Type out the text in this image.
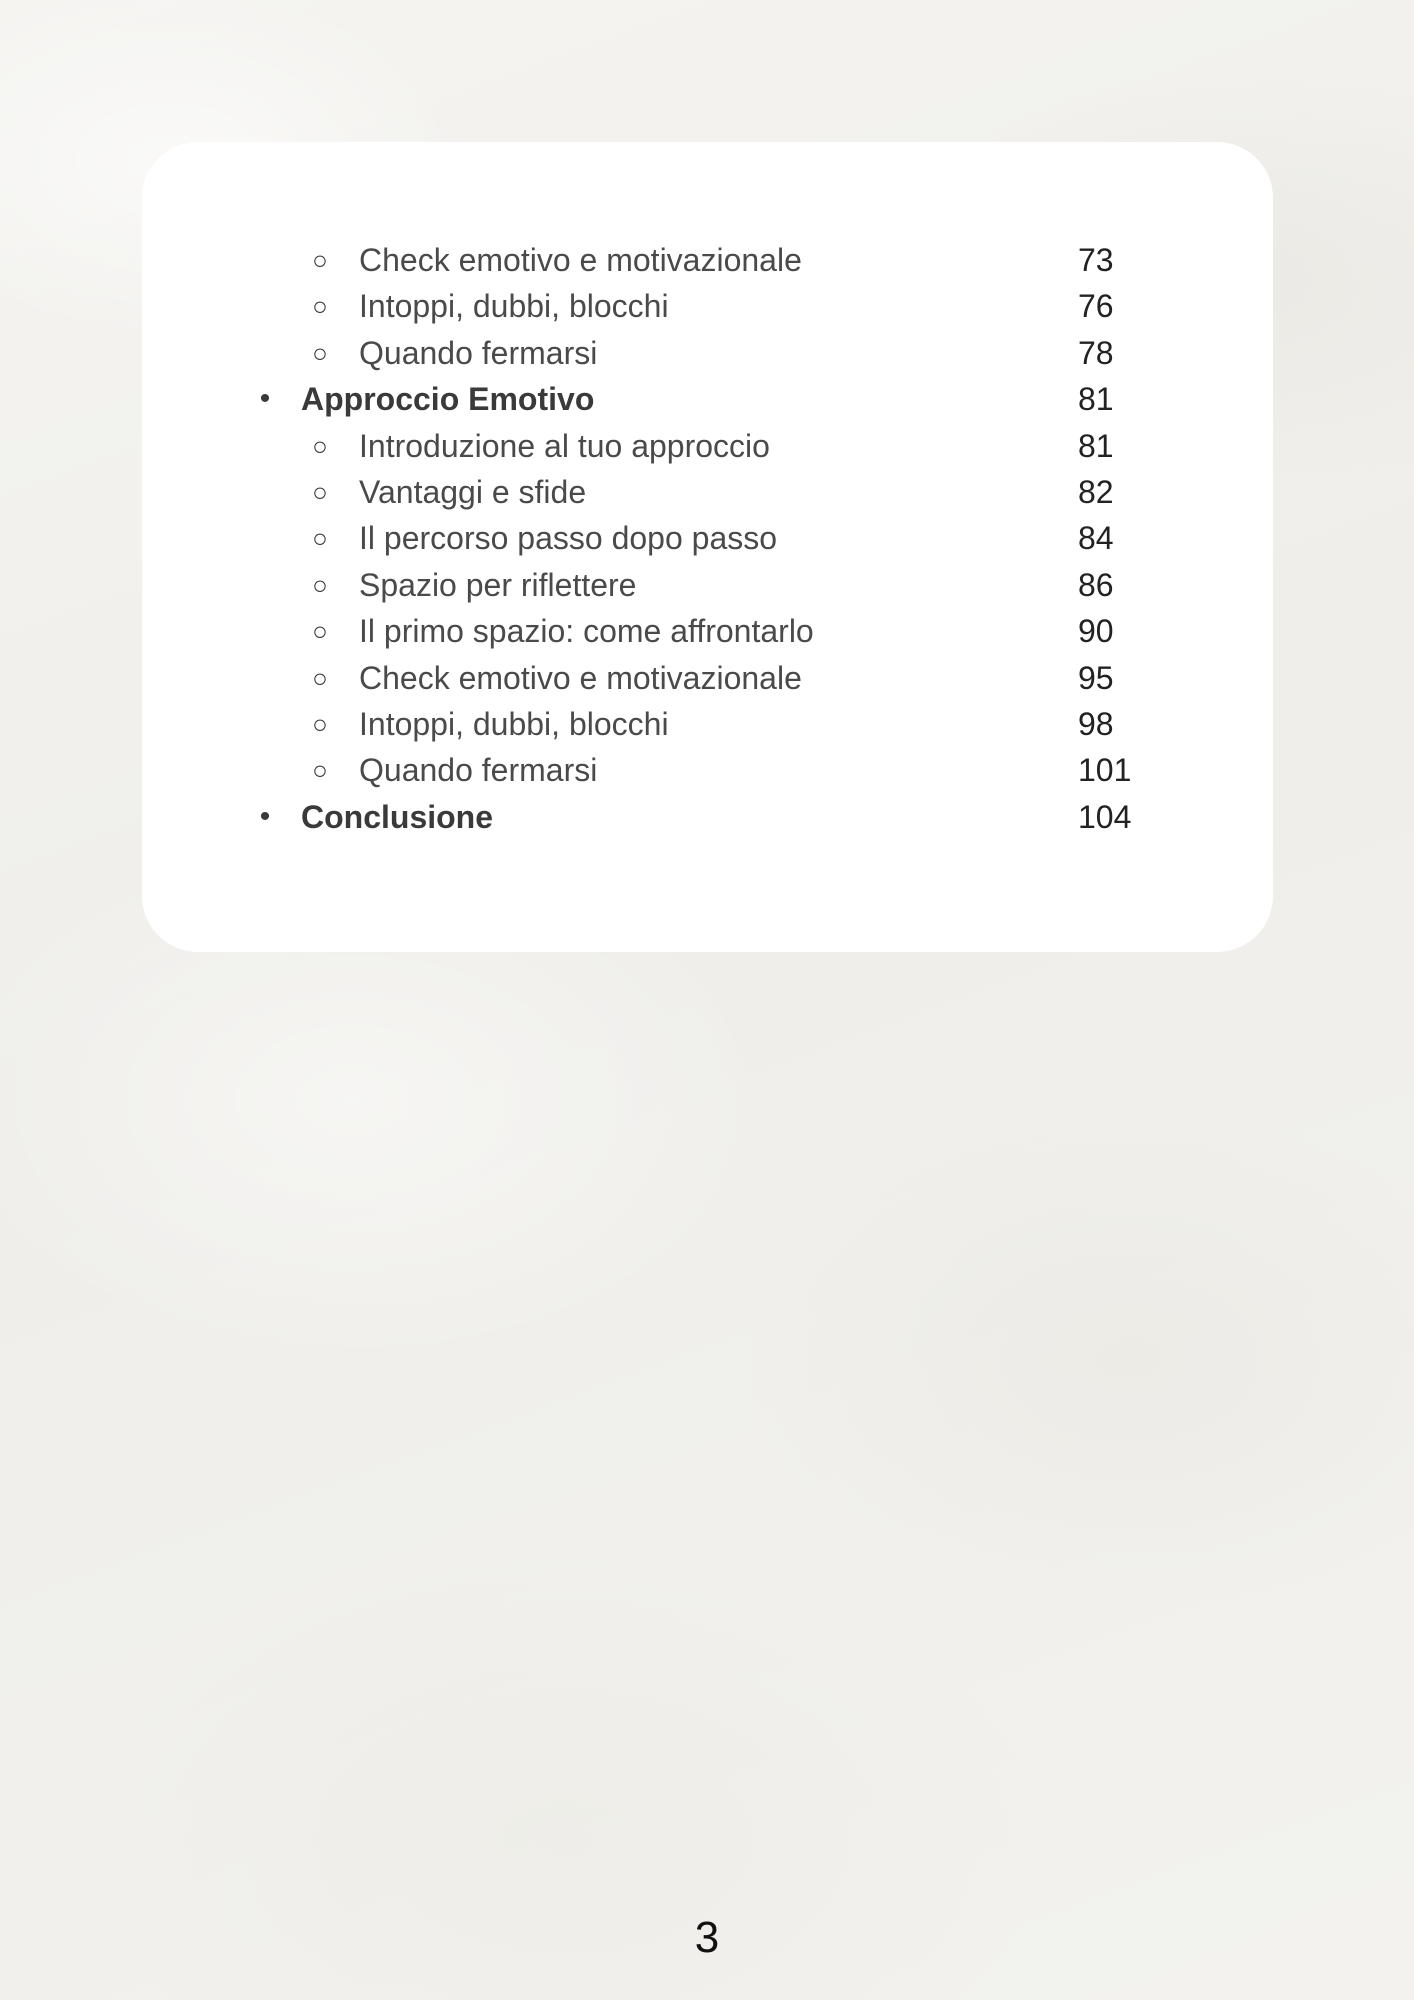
○ Check emotivo e motivazionale	73
○ Intoppi, dubbi, blocchi	76
○ Quando fermarsi	78
• Approccio Emotivo	81
○ Introduzione al tuo approccio	81
○ Vantaggi e sfide	82
○ Il percorso passo dopo passo	84
○ Spazio per riflettere	86
○ Il primo spazio: come affrontarlo	90
○ Check emotivo e motivazionale	95
○ Intoppi, dubbi, blocchi	98
○ Quando fermarsi	101
• Conclusione	104
3
